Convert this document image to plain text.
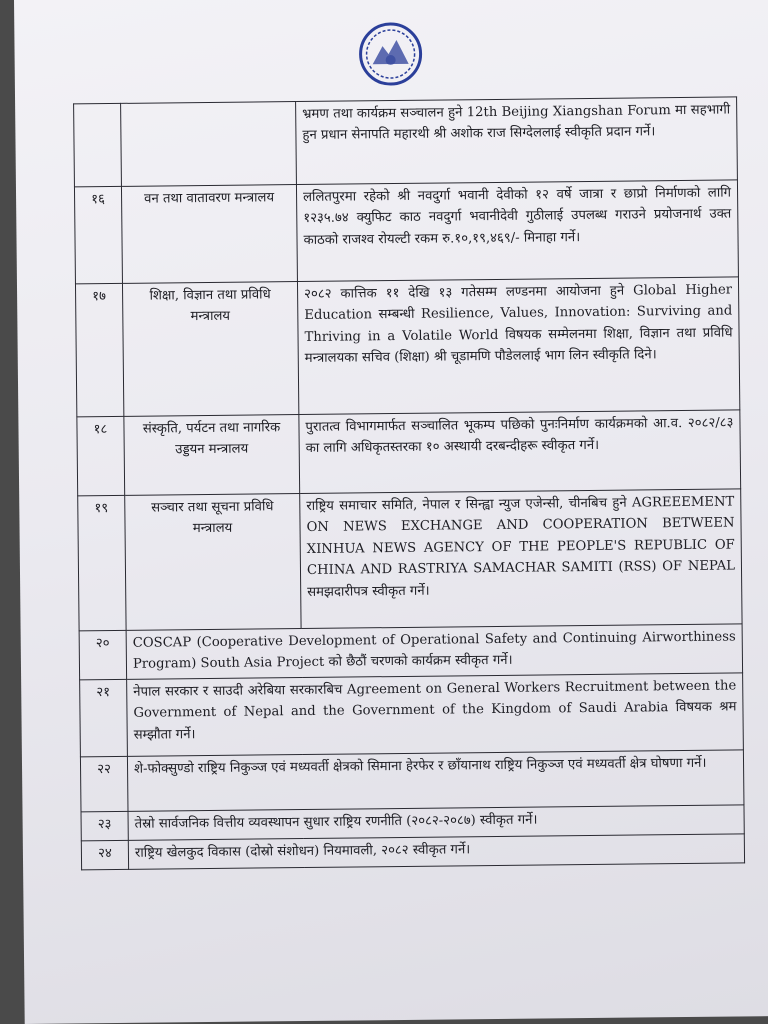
		भ्रमण तथा कार्यक्रम सञ्चालन हुने 12th Beijing Xiangshan Forum मा सहभागी हुन प्रधान सेनापति महारथी श्री अशोक राज सिग्देललाई स्वीकृति प्रदान गर्ने।
१६	वन तथा वातावरण मन्त्रालय	ललितपुरमा रहेको श्री नवदुर्गा भवानी देवीको १२ वर्षे जात्रा र छाप्रो निर्माणको लागि १२३५.७४ क्युफिट काठ नवदुर्गा भवानीदेवी गुठीलाई उपलब्ध गराउने प्रयोजनार्थ उक्त काठको राजश्व रोयल्टी रकम रु.१०,१९,४६९/- मिनाहा गर्ने।
१७	शिक्षा, विज्ञान तथा प्रविधि मन्त्रालय	२०८२ कात्तिक ११ देखि १३ गतेसम्म लण्डनमा आयोजना हुने Global Higher Education सम्बन्धी Resilience, Values, Innovation: Surviving and Thriving in a Volatile World विषयक सम्मेलनमा शिक्षा, विज्ञान तथा प्रविधि मन्त्रालयका सचिव (शिक्षा) श्री चूडामणि पौडेललाई भाग लिन स्वीकृति दिने।
१८	संस्कृति, पर्यटन तथा नागरिक उड्डयन मन्त्रालय	पुरातत्व विभागमार्फत सञ्चालित भूकम्प पछिको पुनःनिर्माण कार्यक्रमको आ.व. २०८२/८३ का लागि अधिकृतस्तरका १० अस्थायी दरबन्दीहरू स्वीकृत गर्ने।
१९	सञ्चार तथा सूचना प्रविधि मन्त्रालय	राष्ट्रिय समाचार समिति, नेपाल र सिन्ह्वा न्युज एजेन्सी, चीनबिच हुने AGREEEMENT ON NEWS EXCHANGE AND COOPERATION BETWEEN XINHUA NEWS AGENCY OF THE PEOPLE'S REPUBLIC OF CHINA AND RASTRIYA SAMACHAR SAMITI (RSS) OF NEPAL समझदारीपत्र स्वीकृत गर्ने।
२०	COSCAP (Cooperative Development of Operational Safety and Continuing Airworthiness Program) South Asia Project को छैठौं चरणको कार्यक्रम स्वीकृत गर्ने।	
२१	नेपाल सरकार र साउदी अरेबिया सरकारबिच Agreement on General Workers Recruitment between the Government of Nepal and the Government of the Kingdom of Saudi Arabia विषयक श्रम सम्झौता गर्ने।	
२२	शे-फोक्सुण्डो राष्ट्रिय निकुञ्ज एवं मध्यवर्ती क्षेत्रको सिमाना हेरफेर र छाँयानाथ राष्ट्रिय निकुञ्ज एवं मध्यवर्ती क्षेत्र घोषणा गर्ने।	
२३	तेस्रो सार्वजनिक वित्तीय व्यवस्थापन सुधार राष्ट्रिय रणनीति (२०८२-२०८७) स्वीकृत गर्ने।	
२४	राष्ट्रिय खेलकुद विकास (दोस्रो संशोधन) नियमावली, २०८२ स्वीकृत गर्ने।	
